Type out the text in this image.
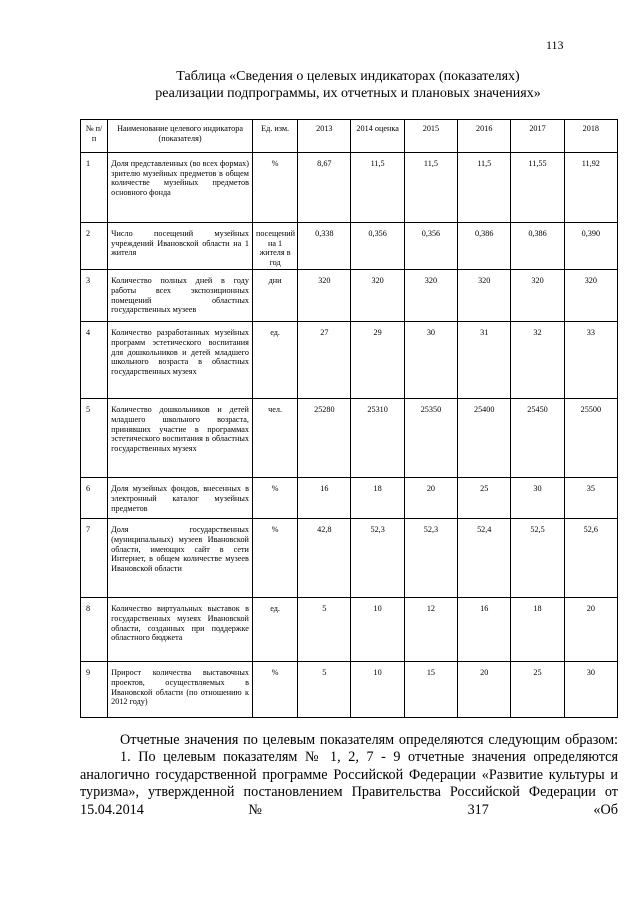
113
Таблица «Сведения о целевых индикаторах (показателях)
реализации подпрограммы, их отчетных и плановых значениях»
№ п/п	Наименование целевого индикатора (показателя)	Ед. изм.	2013	2014 оценка	2015	2016	2017	2018
1	Доля представленных (во всех формах) зрителю музейных предметов в общем количестве музейных предметов основного фонда	%	8,67	11,5	11,5	11,5	11,55	11,92
2	Число посещений музейных учреждений Ивановской области на 1 жителя	посещений на 1 жителя в год	0,338	0,356	0,356	0,386	0,386	0,390
3	Количество полных дней в году работы всех экспозиционных помещений областных государственных музеев	дни	320	320	320	320	320	320
4	Количество разработанных музейных программ эстетического воспитания для дошкольников и детей младшего школьного возраста в областных государственных музеях	ед.	27	29	30	31	32	33
5	Количество дошкольников и детей младшего школьного возраста, принявших участие в программах эстетического воспитания в областных государственных музеях	чел.	25280	25310	25350	25400	25450	25500
6	Доля музейных фондов, внесенных в электронный каталог музейных предметов	%	16	18	20	25	30	35
7	Доля государственных (муниципальных) музеев Ивановской области, имеющих сайт в сети Интернет, в общем количестве музеев Ивановской области	%	42,8	52,3	52,3	52,4	52,5	52,6
8	Количество виртуальных выставок в государственных музеях Ивановской области, созданных при поддержке областного бюджета	ед.	5	10	12	16	18	20
9	Прирост количества выставочных проектов, осуществляемых в Ивановской области (по отношению к 2012 году)	%	5	10	15	20	25	30

Отчетные значения по целевым показателям определяются следующим образом:

1. По целевым показателям № 1, 2, 7 - 9 отчетные значения определяются аналогично государственной программе Российской Федерации «Развитие культуры и туризма», утвержденной постановлением Правительства Российской Федерации от 15.04.2014 № 317 «Об
